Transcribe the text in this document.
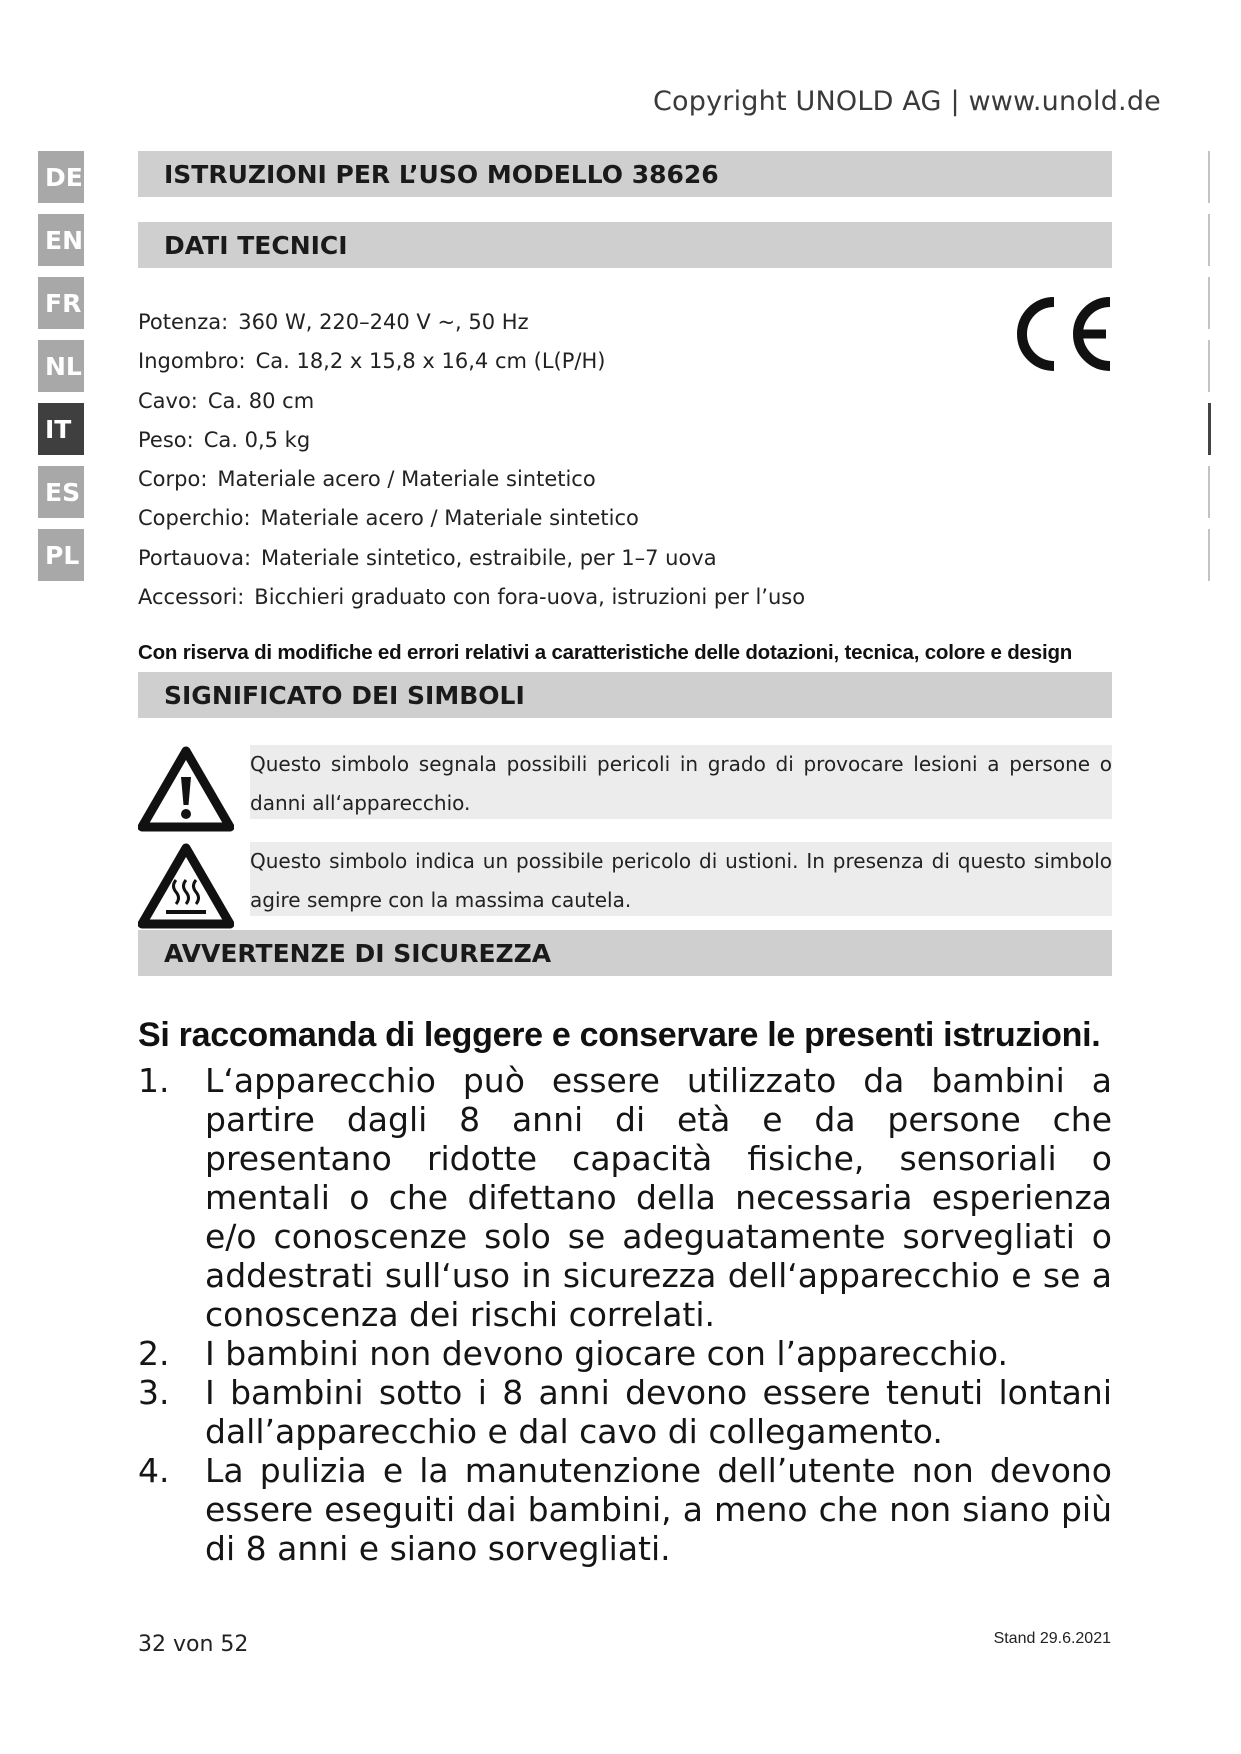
Copyright UNOLD AG | www.unold.de
DE
EN
FR
NL
IT
ES
PL
ISTRUZIONI PER L’USO MODELLO 38626
DATI TECNICI
Potenza: 360 W, 220–240 V ~, 50 Hz
Ingombro: Ca. 18,2 x 15,8 x 16,4 cm (L(P/H)
Cavo: Ca. 80 cm
Peso: Ca. 0,5 kg
Corpo: Materiale acero / Materiale sintetico
Coperchio: Materiale acero / Materiale sintetico
Portauova: Materiale sintetico, estraibile, per 1–7 uova
Accessori: Bicchieri graduato con fora-uova, istruzioni per l’uso
Con riserva di modifiche ed errori relativi a caratteristiche delle dotazioni, tecnica, colore e design
SIGNIFICATO DEI SIMBOLI
Questo simbolo segnala possibili pericoli in grado di provocare lesioni a persone o danni all‘apparecchio.
Questo simbolo indica un possibile pericolo di ustioni. In presenza di questo simbolo agire sempre con la massima cautela.
AVVERTENZE DI SICUREZZA
Si raccomanda di leggere e conservare le presenti istruzioni.
1. L‘apparecchio può essere utilizzato da bambini a partire dagli 8 anni di età e da persone che presentano ridotte capacità fisiche, sensoriali o mentali o che difettano della necessaria esperienza e/o conoscenze solo se adeguatamente sorvegliati o addestrati sull‘uso in sicurezza dell‘apparecchio e se a conoscenza dei rischi correlati.
2. I bambini non devono giocare con l’apparecchio.
3. I bambini sotto i 8 anni devono essere tenuti lontani dall’apparecchio e dal cavo di collegamento.
4. La pulizia e la manutenzione dell’utente non devono essere eseguiti dai bambini, a meno che non siano più di 8 anni e siano sorvegliati.
32 von 52	Stand 29.6.2021
